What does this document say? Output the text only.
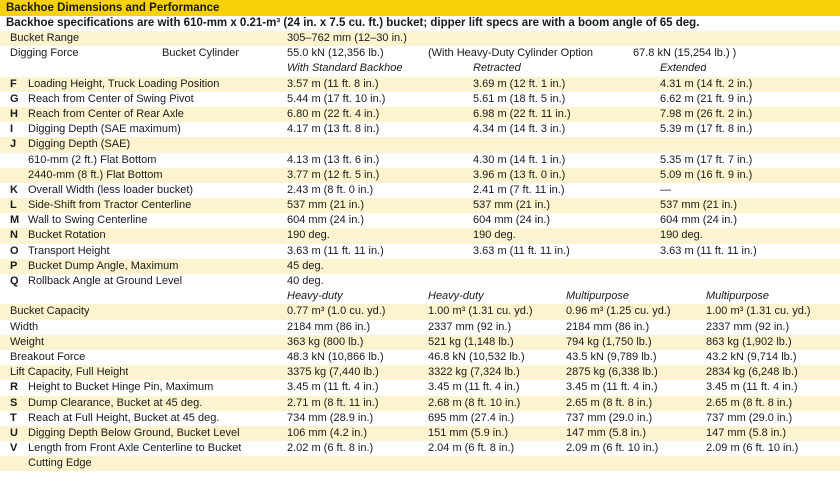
Backhoe Dimensions and Performance
Backhoe specifications are with 610-mm x 0.21-m³ (24 in. x 7.5 cu. ft.) bucket; dipper lift specs are with a boom angle of 65 deg.
Bucket Range	305–762 mm (12–30 in.)
Digging Force	Bucket Cylinder	55.0 kN (12,356 lb.)	(With Heavy-Duty Cylinder Option	67.8 kN (15,254 lb.) )
With Standard Backhoe	Retracted	Extended
F Loading Height, Truck Loading Position	3.57 m (11 ft. 8 in.)	3.69 m (12 ft. 1 in.)	4.31 m (14 ft. 2 in.)
G Reach from Center of Swing Pivot	5.44 m (17 ft. 10 in.)	5.61 m (18 ft. 5 in.)	6.62 m (21 ft. 9 in.)
H Reach from Center of Rear Axle	6.80 m (22 ft. 4 in.)	6.98 m (22 ft. 11 in.)	7.98 m (26 ft. 2 in.)
I Digging Depth (SAE maximum)	4.17 m (13 ft. 8 in.)	4.34 m (14 ft. 3 in.)	5.39 m (17 ft. 8 in.)
J Digging Depth (SAE)
610-mm (2 ft.) Flat Bottom	4.13 m (13 ft. 6 in.)	4.30 m (14 ft. 1 in.)	5.35 m (17 ft. 7 in.)
2440-mm (8 ft.) Flat Bottom	3.77 m (12 ft. 5 in.)	3.96 m (13 ft. 0 in.)	5.09 m (16 ft. 9 in.)
K Overall Width (less loader bucket)	2.43 m (8 ft. 0 in.)	2.41 m (7 ft. 11 in.)	—
L Side-Shift from Tractor Centerline	537 mm (21 in.)	537 mm (21 in.)	537 mm (21 in.)
M Wall to Swing Centerline	604 mm (24 in.)	604 mm (24 in.)	604 mm (24 in.)
N Bucket Rotation	190 deg.	190 deg.	190 deg.
O Transport Height	3.63 m (11 ft. 11 in.)	3.63 m (11 ft. 11 in.)	3.63 m (11 ft. 11 in.)
P Bucket Dump Angle, Maximum	45 deg.
Q Rollback Angle at Ground Level	40 deg.
Heavy-duty	Heavy-duty	Multipurpose	Multipurpose
Bucket Capacity	0.77 m³ (1.0 cu. yd.)	1.00 m³ (1.31 cu. yd.)	0.96 m³ (1.25 cu. yd.)	1.00 m³ (1.31 cu. yd.)
Width	2184 mm (86 in.)	2337 mm (92 in.)	2184 mm (86 in.)	2337 mm (92 in.)
Weight	363 kg (800 lb.)	521 kg (1,148 lb.)	794 kg (1,750 lb.)	863 kg (1,902 lb.)
Breakout Force	48.3 kN (10,866 lb.)	46.8 kN (10,532 lb.)	43.5 kN (9,789 lb.)	43.2 kN (9,714 lb.)
Lift Capacity, Full Height	3375 kg (7,440 lb.)	3322 kg (7,324 lb.)	2875 kg (6,338 lb.)	2834 kg (6,248 lb.)
R Height to Bucket Hinge Pin, Maximum	3.45 m (11 ft. 4 in.)	3.45 m (11 ft. 4 in.)	3.45 m (11 ft. 4 in.)	3.45 m (11 ft. 4 in.)
S Dump Clearance, Bucket at 45 deg.	2.71 m (8 ft. 11 in.)	2.68 m (8 ft. 10 in.)	2.65 m (8 ft. 8 in.)	2.65 m (8 ft. 8 in.)
T Reach at Full Height, Bucket at 45 deg.	734 mm (28.9 in.)	695 mm (27.4 in.)	737 mm (29.0 in.)	737 mm (29.0 in.)
U Digging Depth Below Ground, Bucket Level	106 mm (4.2 in.)	151 mm (5.9 in.)	147 mm (5.8 in.)	147 mm (5.8 in.)
V Length from Front Axle Centerline to Bucket	2.02 m (6 ft. 8 in.)	2.04 m (6 ft. 8 in.)	2.09 m (6 ft. 10 in.)	2.09 m (6 ft. 10 in.)
Cutting Edge
